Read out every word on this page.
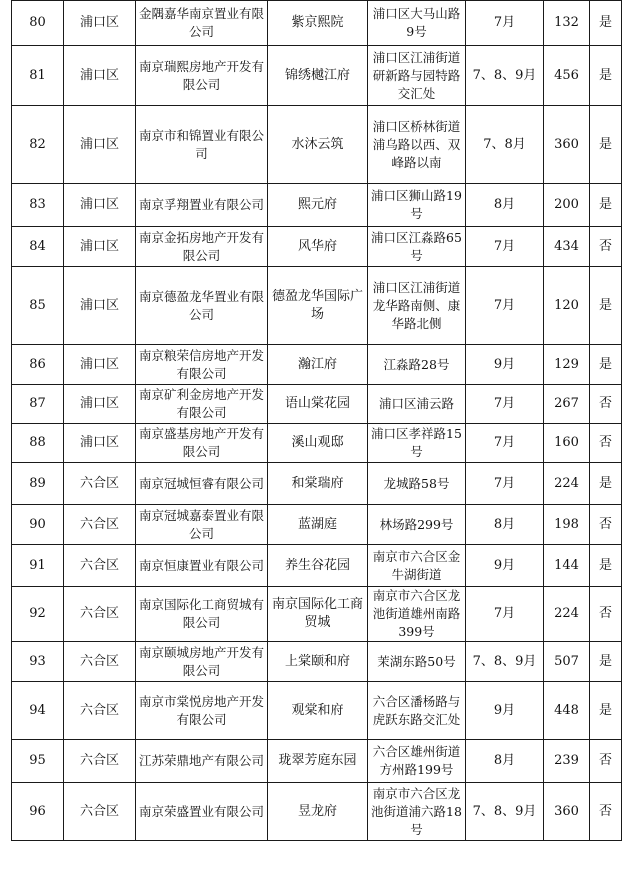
80	浦口区	金隅嘉华南京置业有限公司	紫京熙院	浦口区大马山路9号	7月	132	是
81	浦口区	南京瑞熙房地产开发有限公司	锦绣樾江府	浦口区江浦街道研新路与园特路交汇处	7、8、9月	456	是
82	浦口区	南京市和锦置业有限公司	水沐云筑	浦口区桥林街道浦乌路以西、双峰路以南	7、8月	360	是
83	浦口区	南京孚翔置业有限公司	熙元府	浦口区狮山路19号	8月	200	是
84	浦口区	南京金拓房地产开发有限公司	风华府	浦口区江淼路65号	7月	434	否
85	浦口区	南京德盈龙华置业有限公司	德盈龙华国际广场	浦口区江浦街道龙华路南侧、康华路北侧	7月	120	是
86	浦口区	南京粮荣信房地产开发有限公司	瀚江府	江淼路28号	9月	129	是
87	浦口区	南京矿利金房地产开发有限公司	语山棠花园	浦口区浦云路	7月	267	否
88	浦口区	南京盛基房地产开发有限公司	溪山观邸	浦口区孝祥路15号	7月	160	否
89	六合区	南京冠城恒睿有限公司	和棠瑞府	龙城路58号	7月	224	是
90	六合区	南京冠城嘉泰置业有限公司	蓝湖庭	林场路299号	8月	198	否
91	六合区	南京恒康置业有限公司	养生谷花园	南京市六合区金牛湖街道	9月	144	是
92	六合区	南京国际化工商贸城有限公司	南京国际化工商贸城	南京市六合区龙池街道雄州南路399号	7月	224	否
93	六合区	南京颐城房地产开发有限公司	上棠颐和府	茉湖东路50号	7、8、9月	507	是
94	六合区	南京市棠悦房地产开发有限公司	观棠和府	六合区潘杨路与虎跃东路交汇处	9月	448	是
95	六合区	江苏荣鼎地产有限公司	珑翠芳庭东园	六合区雄州街道方州路199号	8月	239	否
96	六合区	南京荣盛置业有限公司	昱龙府	南京市六合区龙池街道浦六路18号	7、8、9月	360	否
